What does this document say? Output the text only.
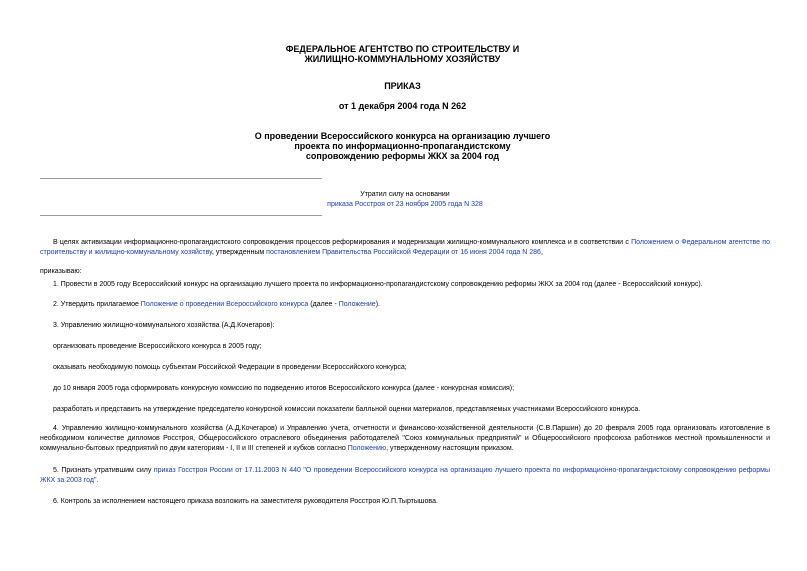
ФЕДЕРАЛЬНОЕ АГЕНТСТВО ПО СТРОИТЕЛЬСТВУ И
ЖИЛИЩНО-КОММУНАЛЬНОМУ ХОЗЯЙСТВУ
ПРИКАЗ
от 1 декабря 2004 года N 262
О проведении Всероссийского конкурса на организацию лучшего
проекта по информационно-пропагандистскому
сопровождению реформы ЖКХ за 2004 год
Утратил силу на основании
приказа Росстроя от 23 ноября 2005 года N 328
В целях активизации информационно-пропагандистского сопровождения процессов реформирования и модернизации жилищно-коммунального комплекса и в соответствии с Положением о Федеральном агентстве по строительству и жилищно-коммунальному хозяйству, утвержденным постановлением Правительства Российской Федерации от 16 июня 2004 года N 286,
приказываю:
1. Провести в 2005 году Всероссийский конкурс на организацию лучшего проекта по информационно-пропагандистскому сопровождению реформы ЖКХ за 2004 год (далее - Всероссийский конкурс).
2. Утвердить прилагаемое Положение о проведении Всероссийского конкурса (далее - Положение).
3. Управлению жилищно-коммунального хозяйства (А.Д.Кочегаров):
организовать проведение Всероссийского конкурса в 2005 году;
оказывать необходимую помощь субъектам Российской Федерации в проведении Всероссийского конкурса;
до 10 января 2005 года сформировать конкурсную комиссию по подведению итогов Всероссийского конкурса (далее - конкурсная комиссия);
разработать и представить на утверждение председателю конкурсной комиссии показатели балльной оценки материалов, представляемых участниками Всероссийского конкурса.
4. Управлению жилищно-коммунального хозяйства (А.Д.Кочегаров) и Управлению учета, отчетности и финансово-хозяйственной деятельности (С.В.Паршин) до 20 февраля 2005 года организовать изготовление в необходимом количестве дипломов Росстроя, Общероссийского отраслевого объединения работодателей "Союз коммунальных предприятий" и Общероссийского профсоюза работников местной промышленности и коммунально-бытовых предприятий по двум категориям - I, II и III степеней и кубков согласно Положению, утвержденному настоящим приказом.
5. Признать утратившим силу приказ Госстроя России от 17.11.2003 N 440 "О проведении Всероссийского конкурса на организацию лучшего проекта по информационно-пропагандистскому сопровождению реформы ЖКХ за 2003 год".
6. Контроль за исполнением настоящего приказа возложить на заместителя руководителя Росстроя Ю.П.Тыртышова.
